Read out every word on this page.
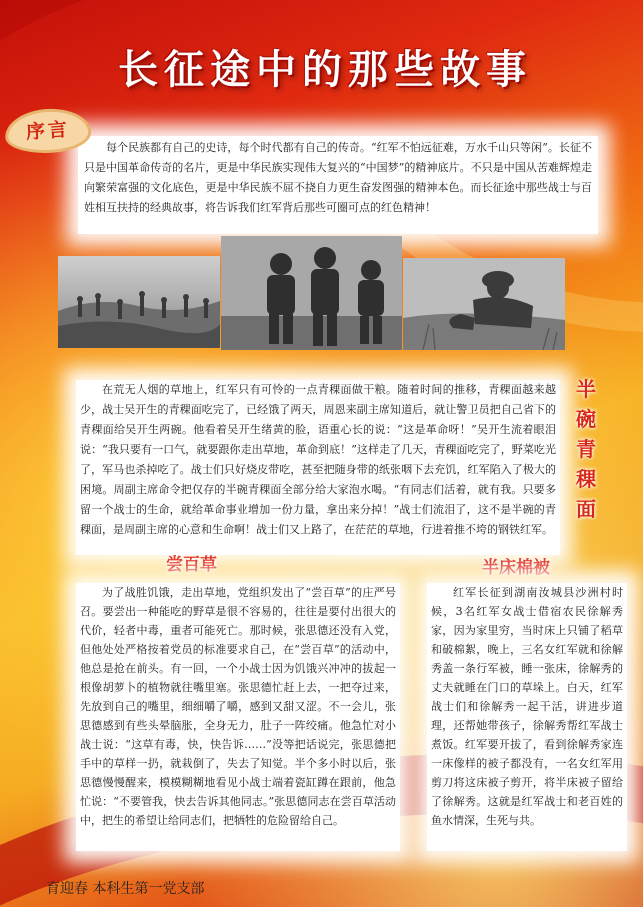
长征途中的那些故事

每个民族都有自己的史诗，每个时代都有自己的传奇。“红军不怕远征难，万水千山只等闲”。长征不只是中国革命传奇的名片，更是中华民族实现伟大复兴的“中国梦”的精神底片。不只是中国从苦难辉煌走向繁荣富强的文化底色，更是中华民族不屈不挠自力更生奋发图强的精神本色。而长征途中那些战士与百姓相互扶持的经典故事，将告诉我们红军背后那些可圈可点的红色精神！

序言

在荒无人烟的草地上，红军只有可怜的一点青稞面做干粮。随着时间的推移，青稞面越来越少，战士吴开生的青稞面吃完了，已经饿了两天，周恩来副主席知道后，就让警卫员把自己省下的青稞面给吴开生两碗。他看着吴开生绪黄的脸，语重心长的说：“这是革命呀！”吴开生流着眼泪说：“我只要有一口气，就要跟你走出草地，革命到底！”这样走了几天，青稞面吃完了，野菜吃光了，军马也杀掉吃了。战士们只好烧皮带吃，甚至把随身带的纸张咽下去充饥，红军陷入了极大的困境。周副主席命令把仅存的半碗青稞面全部分给大家泡水喝。“有同志们活着，就有我。只要多留一个战士的生命，就给革命事业增加一份力量，拿出来分掉！”战士们流泪了，这不是半碗的青稞面，是周副主席的心意和生命啊！战士们又上路了，在茫茫的草地，行进着推不垮的钢铁红军。

半碗青稞面
尝百草

为了战胜饥饿，走出草地，党组织发出了“尝百草”的庄严号召。要尝出一种能吃的野草是很不容易的，往往是要付出很大的代价，轻者中毒，重者可能死亡。那时候，张思德还没有入党，但他处处严格按着党员的标准要求自己，在“尝百草”的活动中，他总是抢在前头。有一回，一个小战士因为饥饿兴冲冲的拔起一根像胡萝卜的植物就往嘴里塞。张思德忙赶上去，一把夺过来，先放到自己的嘴里，细细嚼了嚼，感到又甜又涩。不一会儿，张思德感到有些头晕脑胀，全身无力，肚子一阵绞痛。他急忙对小战士说：“这草有毒，快，快告诉……”没等把话说完，张思德把手中的草样一扔，就栽倒了，失去了知觉。半个多小时以后，张思德慢慢醒来，模模糊糊地看见小战士端着瓷缸蹲在跟前，他急忙说：“不要管我，快去告诉其他同志。”张思德同志在尝百草活动中，把生的希望让给同志们，把牺牲的危险留给自己。

半床棉被

红军长征到湖南汝城县沙洲村时候，3名红军女战士借宿农民徐解秀家，因为家里穷，当时床上只铺了稻草和破棉絮，晚上，三名女红军就和徐解秀盖一条行军被，睡一张床，徐解秀的丈夫就睡在门口的草垛上。白天，红军战士们和徐解秀一起干活，讲进步道理，还帮她带孩子，徐解秀帮红军战士煮饭。红军要开拔了，看到徐解秀家连一床像样的被子都没有，一名女红军用剪刀将这床被子剪开，将半床被子留给了徐解秀。这就是红军战士和老百姓的鱼水情深，生死与共。

育迎春 本科生第一党支部
